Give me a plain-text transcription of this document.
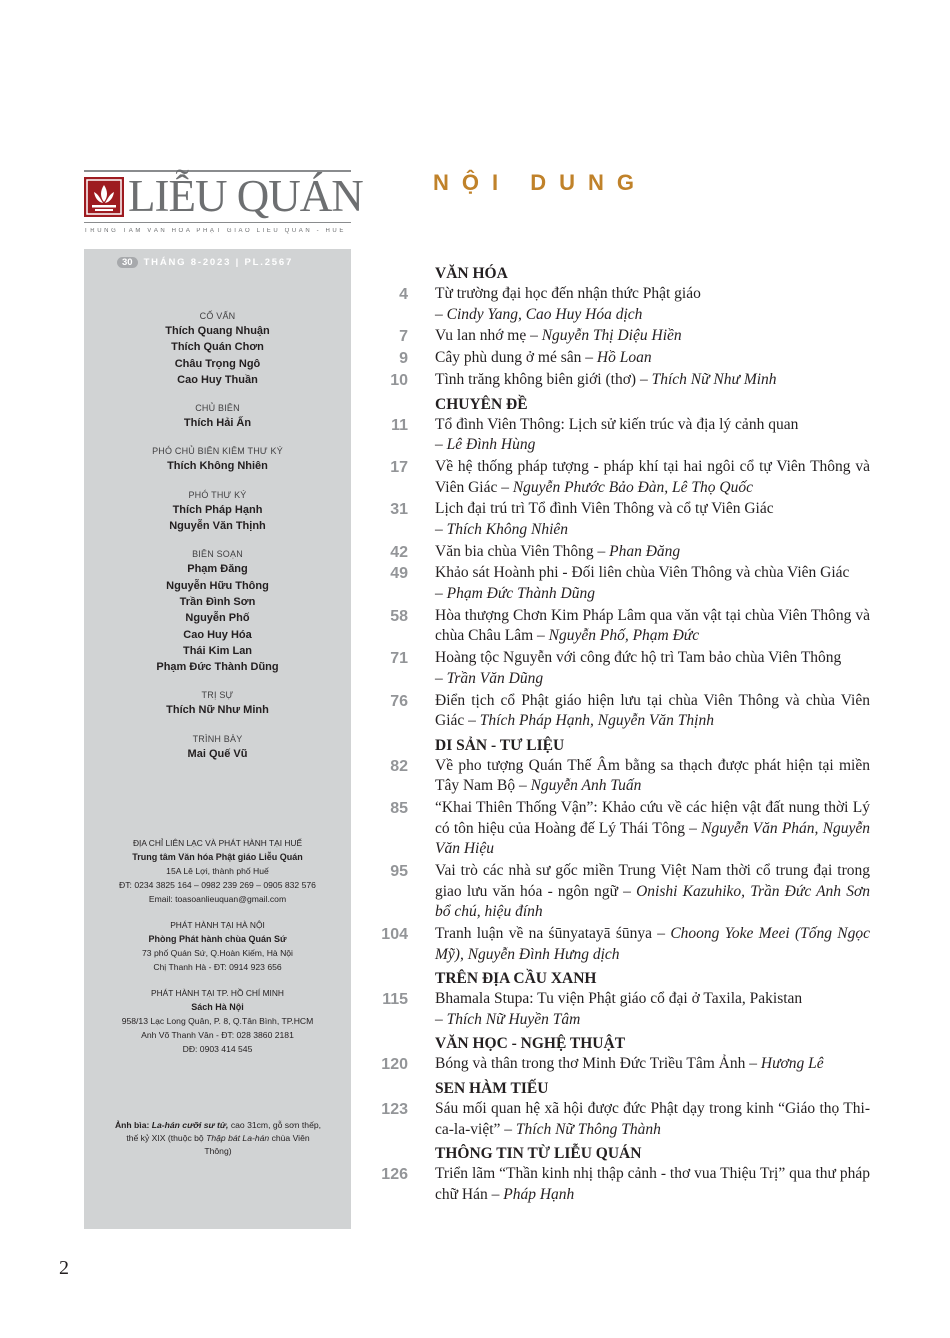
LIỄU QUÁN
TRUNG TÂM VĂN HÓA PHẬT GIÁO LIỄU QUÁN - HUẾ
30 THÁNG 8-2023 | PL.2567
CỐ VẤN
Thích Quang Nhuận
Thích Quán Chơn
Châu Trọng Ngô
Cao Huy Thuần
CHỦ BIÊN
Thích Hải Ấn
PHÓ CHỦ BIÊN KIÊM THƯ KÝ
Thích Không Nhiên
PHÓ THƯ KÝ
Thích Pháp Hạnh
Nguyễn Văn Thịnh
BIÊN SOẠN
Phạm Đăng
Nguyễn Hữu Thông
Trần Đình Sơn
Nguyễn Phố
Cao Huy Hóa
Thái Kim Lan
Phạm Đức Thành Dũng
TRỊ SỰ
Thích Nữ Như Minh
TRÌNH BÀY
Mai Quế Vũ
ĐỊA CHỈ LIÊN LẠC VÀ PHÁT HÀNH TẠI HUẾ
Trung tâm Văn hóa Phật giáo Liễu Quán
15A Lê Lợi, thành phố Huế
ĐT: 0234 3825 164 – 0982 239 269 – 0905 832 576
Email: toasoanlieuquan@gmail.com
PHÁT HÀNH TẠI HÀ NỘI
Phòng Phát hành chùa Quán Sứ
73 phố Quán Sứ, Q.Hoàn Kiếm, Hà Nội
Chị Thanh Hà - ĐT: 0914 923 656
PHÁT HÀNH TẠI TP. HỒ CHÍ MINH
Sách Hà Nội
958/13 Lạc Long Quân, P. 8, Q.Tân Bình, TP.HCM
Anh Võ Thanh Vân - ĐT: 028 3860 2181
DĐ: 0903 414 545
Ảnh bìa: La-hán cưỡi sư tử, cao 31cm, gỗ sơn thếp, thế kỷ XIX (thuộc bộ Thập bát La-hán chùa Viên Thông)
NỘI DUNG
VĂN HÓA
4 Từ trường đại học đến nhận thức Phật giáo
– Cindy Yang, Cao Huy Hóa dịch
7 Vu lan nhớ mẹ – Nguyễn Thị Diệu Hiền
9 Cây phù dung ở mé sân – Hồ Loan
10 Tình trăng không biên giới (thơ) – Thích Nữ Như Minh
CHUYÊN ĐỀ
11 Tổ đình Viên Thông: Lịch sử kiến trúc và địa lý cảnh quan
– Lê Đình Hùng
17 Về hệ thống pháp tượng - pháp khí tại hai ngôi cổ tự Viên Thông và Viên Giác – Nguyễn Phước Bảo Đàn, Lê Thọ Quốc
31 Lịch đại trú trì Tổ đình Viên Thông và cổ tự Viên Giác
– Thích Không Nhiên
42 Văn bia chùa Viên Thông – Phan Đăng
49 Khảo sát Hoành phi - Đối liên chùa Viên Thông và chùa Viên Giác
– Phạm Đức Thành Dũng
58 Hòa thượng Chơn Kim Pháp Lâm qua văn vật tại chùa Viên Thông và chùa Châu Lâm – Nguyễn Phố, Phạm Đức
71 Hoàng tộc Nguyễn với công đức hộ trì Tam bảo chùa Viên Thông
– Trần Văn Dũng
76 Điển tịch cổ Phật giáo hiện lưu tại chùa Viên Thông và chùa Viên Giác – Thích Pháp Hạnh, Nguyễn Văn Thịnh
DI SẢN - TƯ LIỆU
82 Về pho tượng Quán Thế Âm bằng sa thạch được phát hiện tại miền Tây Nam Bộ – Nguyễn Anh Tuấn
85 “Khai Thiên Thống Vận”: Khảo cứu về các hiện vật đất nung thời Lý có tôn hiệu của Hoàng đế Lý Thái Tông – Nguyễn Văn Phán, Nguyễn Văn Hiệu
95 Vai trò các nhà sư gốc miền Trung Việt Nam thời cổ trung đại trong giao lưu văn hóa - ngôn ngữ – Onishi Kazuhiko, Trần Đức Anh Sơn bổ chú, hiệu đính
104 Tranh luận về na śūnyatayā śūnya – Choong Yoke Meei (Tống Ngọc Mỹ), Nguyễn Đình Hưng dịch
TRÊN ĐỊA CẦU XANH
115 Bhamala Stupa: Tu viện Phật giáo cổ đại ở Taxila, Pakistan
– Thích Nữ Huyền Tâm
VĂN HỌC - NGHỆ THUẬT
120 Bóng và thân trong thơ Minh Đức Triều Tâm Ảnh – Hương Lê
SEN HÀM TIẾU
123 Sáu mối quan hệ xã hội được đức Phật dạy trong kinh “Giáo thọ Thi-ca-la-việt” – Thích Nữ Thông Thành
THÔNG TIN TỪ LIỄU QUÁN
126 Triển lãm “Thần kinh nhị thập cảnh - thơ vua Thiệu Trị” qua thư pháp chữ Hán – Pháp Hạnh
2
